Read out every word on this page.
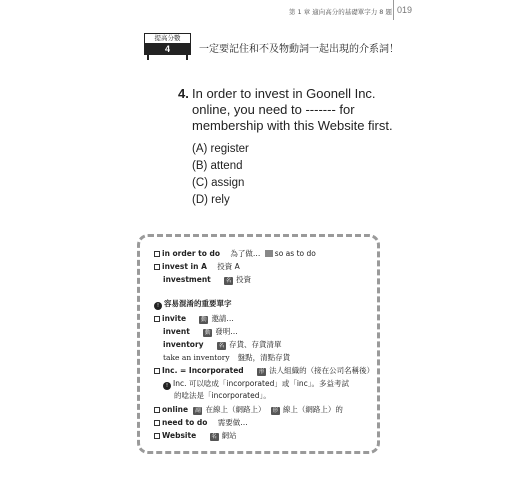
第 1 章 適向高分的基礎單字力 8 題 019
提高分數
4	一定要記住和不及物動詞一起出現的介系詞！
4. In order to invest in Goonell Inc.
online, you need to ------- for
membership with this Website first.
(A) register
(B) attend
(C) assign
(D) rely
in order to do 為了做… so as to do
invest in A 投資 A
investment	名 投資
! 容易混淆的重要單字
invite	動 邀請…
invent	動 發明…
inventory	名 存貨、存貨清單
take an inventory 盤點，清點存貨
Inc. = Incorporated	形 法人組織的（接在公司名稱後）
! Inc. 可以唸成「incorporated」或「inc」。多益考試
的唸法是「incorporated」。
online 副 在線上（網路上） 形 線上（網路上）的
need to do 需要做…
Website	名 網站
